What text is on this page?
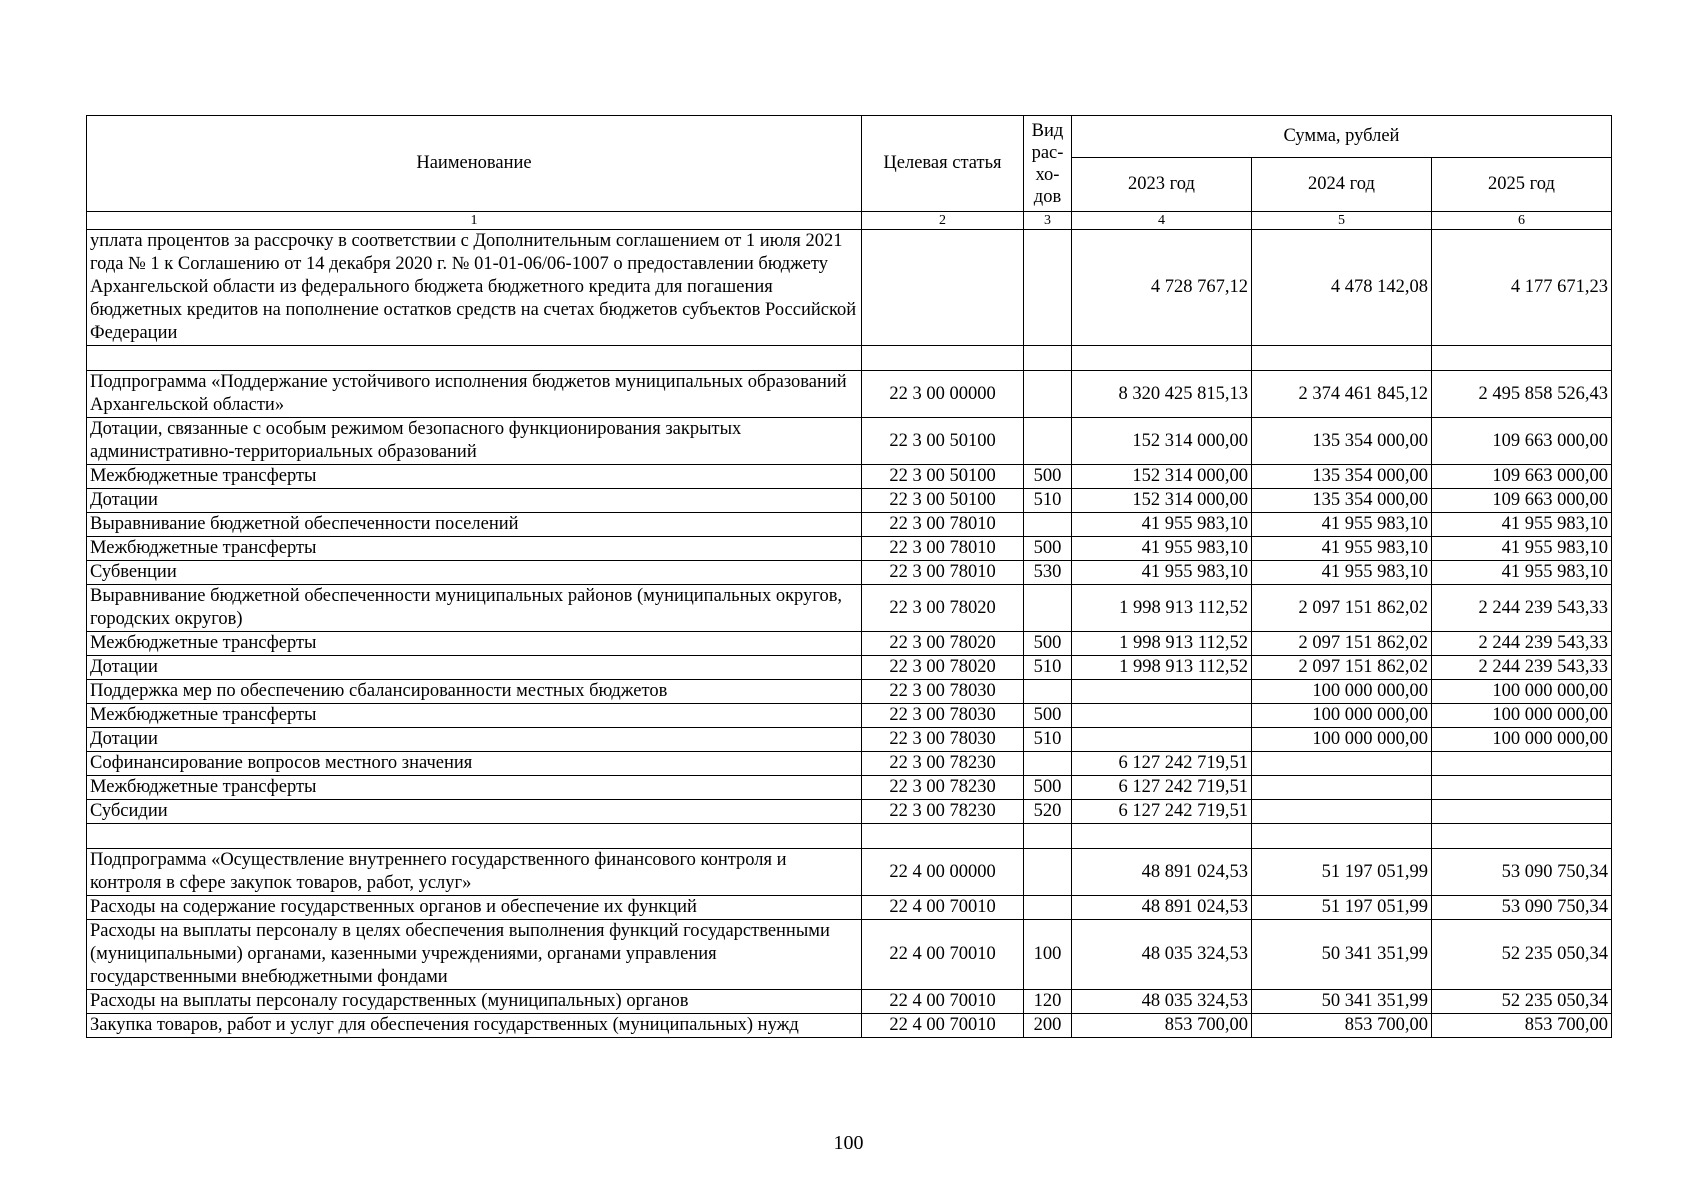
Наименование	Целевая статья	Вид рас-хо-дов	Сумма, рублей		
			2023 год	2024 год	2025 год
1	2	3	4	5	6
уплата процентов за рассрочку в соответствии с Дополнительным соглашением от 1 июля 2021 года № 1 к Соглашению от 14 декабря 2020 г. № 01-01-06/06-1007 о предоставлении бюджету Архангельской области из федерального бюджета бюджетного кредита для погашения бюджетных кредитов на пополнение остатков средств на счетах бюджетов субъектов Российской Федерации			4 728 767,12	4 478 142,08	4 177 671,23

Подпрограмма «Поддержание устойчивого исполнения бюджетов муниципальных образований Архангельской области»	22 3 00 00000		8 320 425 815,13	2 374 461 845,12	2 495 858 526,43
Дотации, связанные с особым режимом безопасного функционирования закрытых административно-территориальных образований	22 3 00 50100		152 314 000,00	135 354 000,00	109 663 000,00
Межбюджетные трансферты	22 3 00 50100	500	152 314 000,00	135 354 000,00	109 663 000,00
Дотации	22 3 00 50100	510	152 314 000,00	135 354 000,00	109 663 000,00
Выравнивание бюджетной обеспеченности поселений	22 3 00 78010		41 955 983,10	41 955 983,10	41 955 983,10
Межбюджетные трансферты	22 3 00 78010	500	41 955 983,10	41 955 983,10	41 955 983,10
Субвенции	22 3 00 78010	530	41 955 983,10	41 955 983,10	41 955 983,10
Выравнивание бюджетной обеспеченности муниципальных районов (муниципальных округов, городских округов)	22 3 00 78020		1 998 913 112,52	2 097 151 862,02	2 244 239 543,33
Межбюджетные трансферты	22 3 00 78020	500	1 998 913 112,52	2 097 151 862,02	2 244 239 543,33
Дотации	22 3 00 78020	510	1 998 913 112,52	2 097 151 862,02	2 244 239 543,33
Поддержка мер по обеспечению сбалансированности местных бюджетов	22 3 00 78030			100 000 000,00	100 000 000,00
Межбюджетные трансферты	22 3 00 78030	500		100 000 000,00	100 000 000,00
Дотации	22 3 00 78030	510		100 000 000,00	100 000 000,00
Софинансирование вопросов местного значения	22 3 00 78230		6 127 242 719,51		
Межбюджетные трансферты	22 3 00 78230	500	6 127 242 719,51		
Субсидии	22 3 00 78230	520	6 127 242 719,51		

Подпрограмма «Осуществление внутреннего государственного финансового контроля и контроля в сфере закупок товаров, работ, услуг»	22 4 00 00000		48 891 024,53	51 197 051,99	53 090 750,34
Расходы на содержание государственных органов и обеспечение их функций	22 4 00 70010		48 891 024,53	51 197 051,99	53 090 750,34
Расходы на выплаты персоналу в целях обеспечения выполнения функций государственными (муниципальными) органами, казенными учреждениями, органами управления государственными внебюджетными фондами	22 4 00 70010	100	48 035 324,53	50 341 351,99	52 235 050,34
Расходы на выплаты персоналу государственных (муниципальных) органов	22 4 00 70010	120	48 035 324,53	50 341 351,99	52 235 050,34
Закупка товаров, работ и услуг для обеспечения государственных (муниципальных) нужд	22 4 00 70010	200	853 700,00	853 700,00	853 700,00
100
